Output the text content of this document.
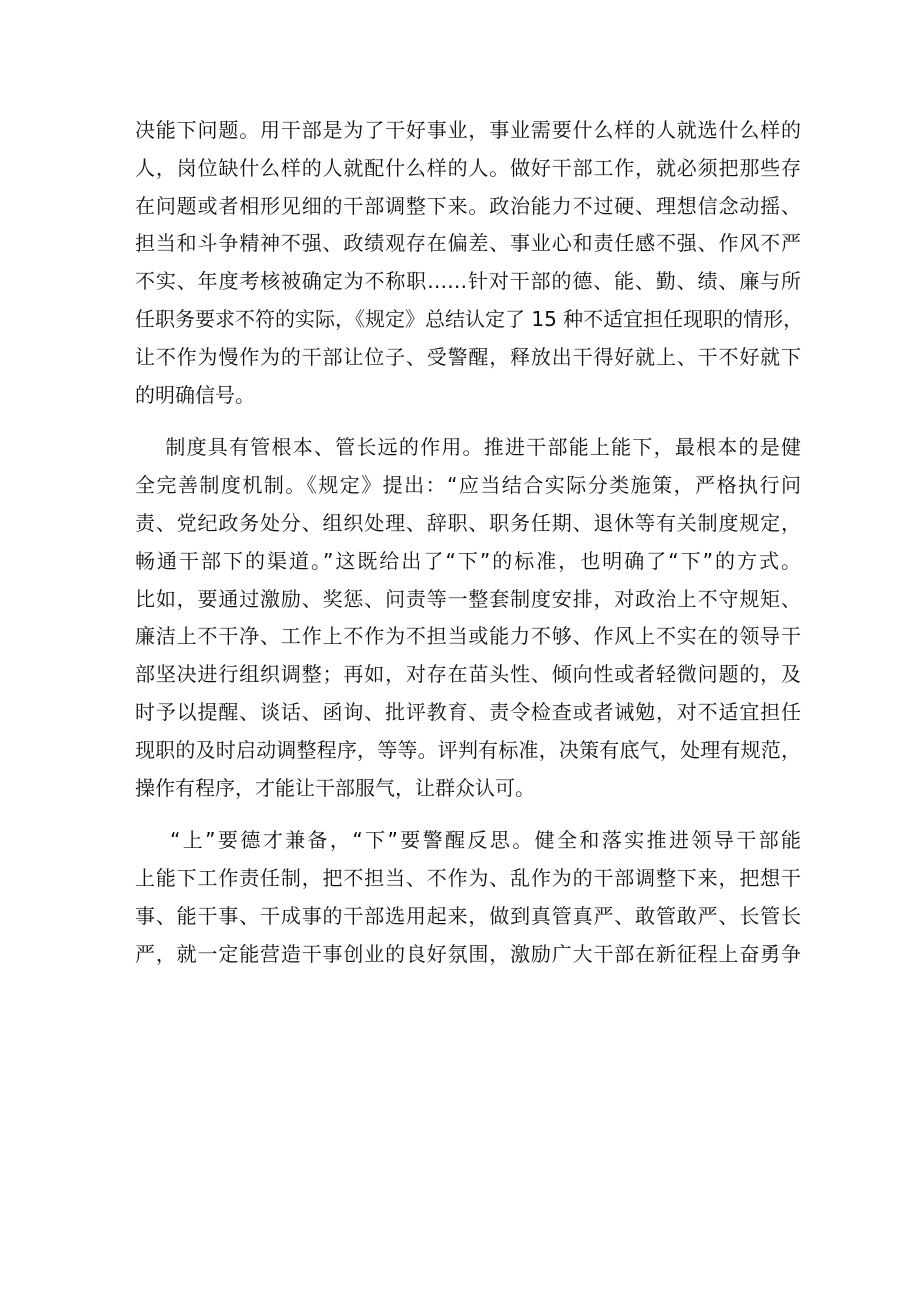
决能下问题。用干部是为了干好事业，事业需要什么样的人就选什么样的
人，岗位缺什么样的人就配什么样的人。做好干部工作，就必须把那些存
在问题或者相形见细的干部调整下来。政治能力不过硬、理想信念动摇、
担当和斗争精神不强、政绩观存在偏差、事业心和责任感不强、作风不严
不实、年度考核被确定为不称职……针对干部的德、能、勤、绩、廉与所
任职务要求不符的实际，《规定》总结认定了 15 种不适宜担任现职的情形，
让不作为慢作为的干部让位子、受警醒，释放出干得好就上、干不好就下
的明确信号。
制度具有管根本、管长远的作用。推进干部能上能下，最根本的是健
全完善制度机制。《规定》提出：“应当结合实际分类施策，严格执行问
责、党纪政务处分、组织处理、辞职、职务任期、退休等有关制度规定，
畅通干部下的渠道。”这既给出了“下”的标准，也明确了“下”的方式。
比如，要通过激励、奖惩、问责等一整套制度安排，对政治上不守规矩、
廉洁上不干净、工作上不作为不担当或能力不够、作风上不实在的领导干
部坚决进行组织调整；再如，对存在苗头性、倾向性或者轻微问题的，及
时予以提醒、谈话、函询、批评教育、责令检查或者诫勉，对不适宜担任
现职的及时启动调整程序，等等。评判有标准，决策有底气，处理有规范，
操作有程序，才能让干部服气，让群众认可。
“上”要德才兼备，“下”要警醒反思。健全和落实推进领导干部能
上能下工作责任制，把不担当、不作为、乱作为的干部调整下来，把想干
事、能干事、干成事的干部选用起来，做到真管真严、敢管敢严、长管长
严，就一定能营造干事创业的良好氛围，激励广大干部在新征程上奋勇争
